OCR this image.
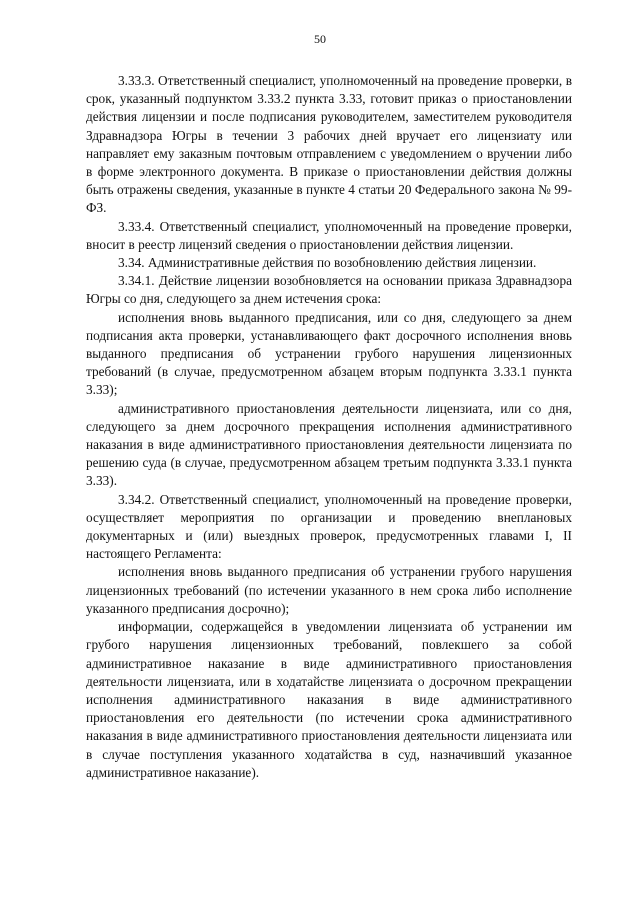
50

3.33.3. Ответственный специалист, уполномоченный на проведение проверки, в срок, указанный подпунктом 3.33.2 пункта 3.33, готовит приказ о приостановлении действия лицензии и после подписания руководителем, заместителем руководителя Здравнадзора Югры в течении 3 рабочих дней вручает его лицензиату или направляет ему заказным почтовым отправлением с уведомлением о вручении либо в форме электронного документа. В приказе о приостановлении действия должны быть отражены сведения, указанные в пункте 4 статьи 20 Федерального закона № 99-ФЗ.

3.33.4. Ответственный специалист, уполномоченный на проведение проверки, вносит в реестр лицензий сведения о приостановлении действия лицензии.

3.34. Административные действия по возобновлению действия лицензии.

3.34.1. Действие лицензии возобновляется на основании приказа Здравнадзора Югры со дня, следующего за днем истечения срока:

исполнения вновь выданного предписания, или со дня, следующего за днем подписания акта проверки, устанавливающего факт досрочного исполнения вновь выданного предписания об устранении грубого нарушения лицензионных требований (в случае, предусмотренном абзацем вторым подпункта 3.33.1 пункта 3.33);

административного приостановления деятельности лицензиата, или со дня, следующего за днем досрочного прекращения исполнения административного наказания в виде административного приостановления деятельности лицензиата по решению суда (в случае, предусмотренном абзацем третьим подпункта 3.33.1 пункта 3.33).

3.34.2. Ответственный специалист, уполномоченный на проведение проверки, осуществляет мероприятия по организации и проведению внеплановых документарных и (или) выездных проверок, предусмотренных главами I, II настоящего Регламента:

исполнения вновь выданного предписания об устранении грубого нарушения лицензионных требований (по истечении указанного в нем срока либо исполнение указанного предписания досрочно);

информации, содержащейся в уведомлении лицензиата об устранении им грубого нарушения лицензионных требований, повлекшего за собой административное наказание в виде административного приостановления деятельности лицензиата, или в ходатайстве лицензиата о досрочном прекращении исполнения административного наказания в виде административного приостановления его деятельности (по истечении срока административного наказания в виде административного приостановления деятельности лицензиата или в случае поступления указанного ходатайства в суд, назначивший указанное административное наказание).
